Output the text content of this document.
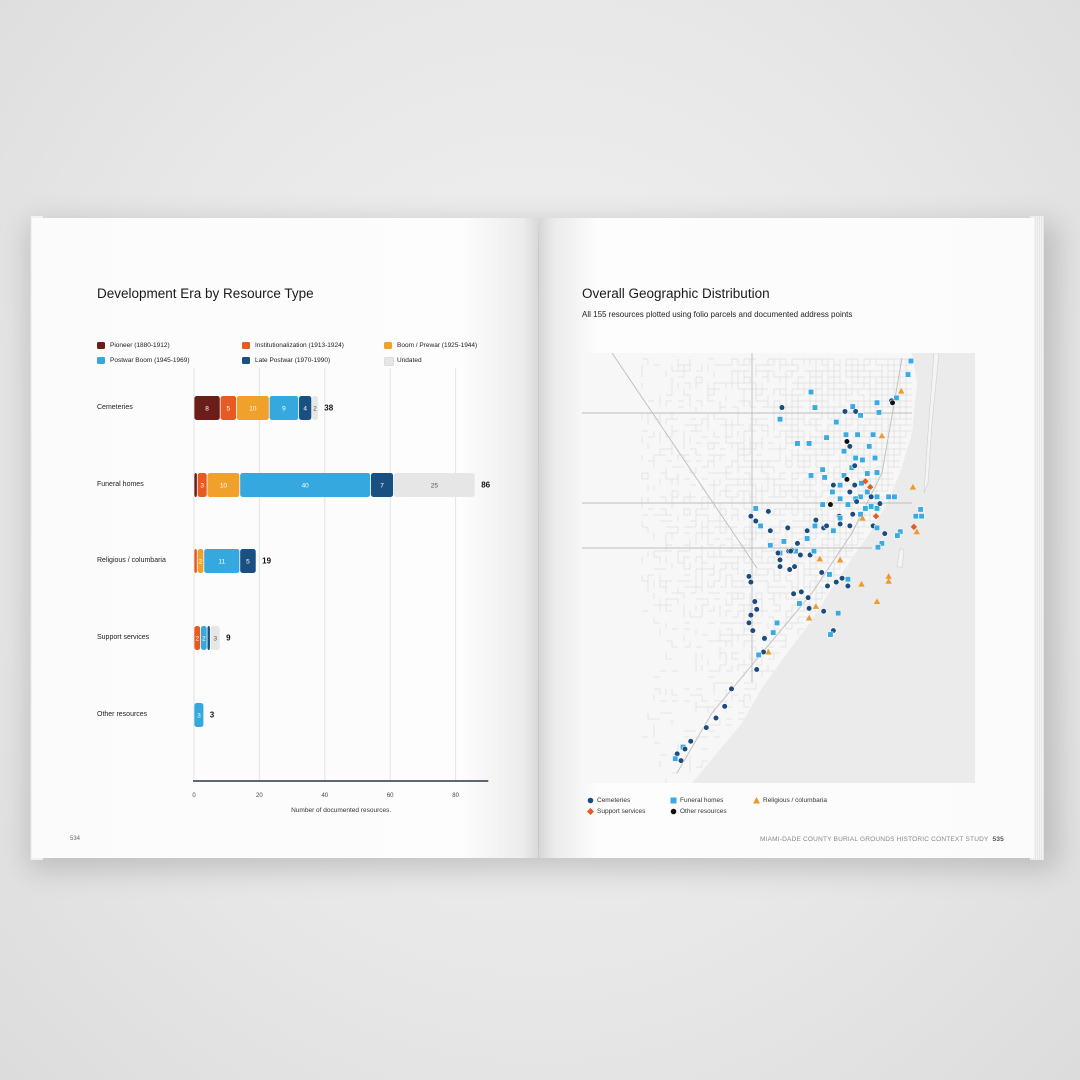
Development Era by Resource Type
Pioneer (1880-1912)	Institutionalization (1913-1924)	Boom / Prewar (1925-1944)
Postwar Boom (1945-1969)	Late Postwar (1970-1990)	Undated
Cemeteries
Funeral homes
Religious / columbaria
Support services
Other resources
0	20	40	60	80
Number of documented resources.
8	5	10	9	4 2 38
3 10	40	7	25	86
2 11	5 19
2 2 3 9
3 3
534
Overall Geographic Distribution
All 155 resources plotted using folio parcels and documented address points
Cemeteries	Funeral homes	Religious / columbaria
Support services	Other resources
MIAMI-DADE COUNTY BURIAL GROUNDS HISTORIC CONTEXT STUDY 535
